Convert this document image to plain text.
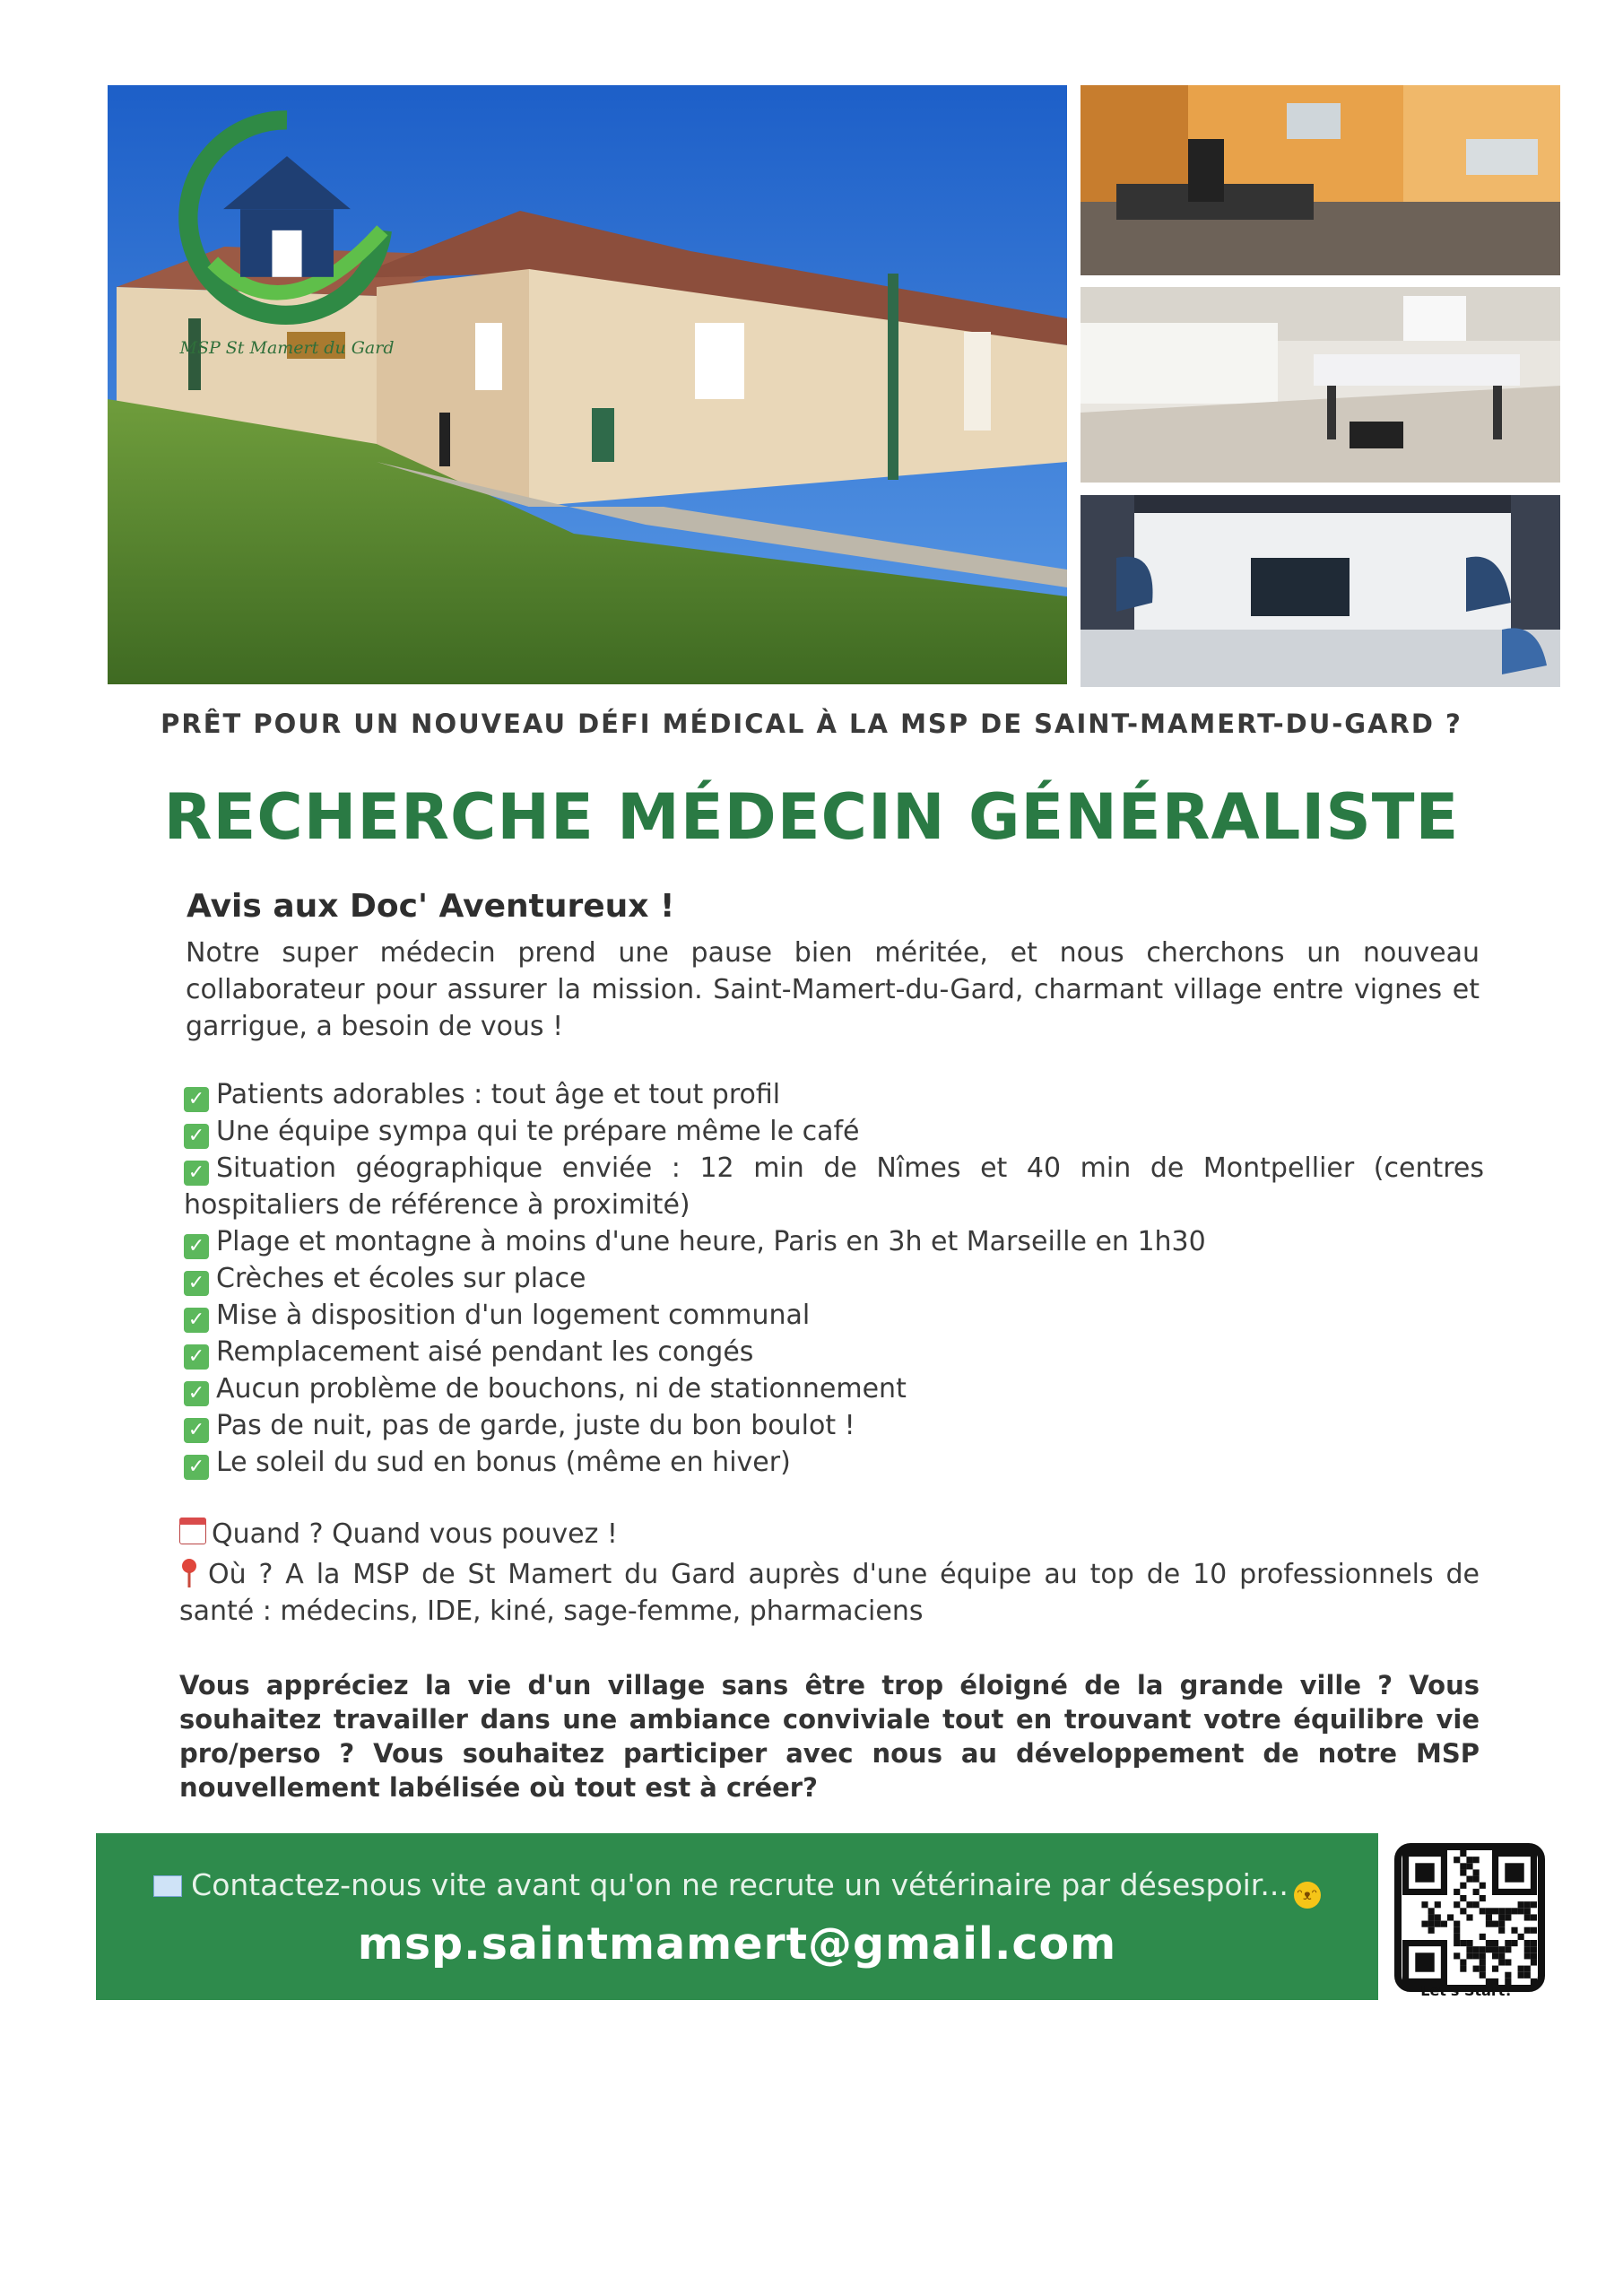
MSP St Mamert du Gard
PRÊT POUR UN NOUVEAU DÉFI MÉDICAL À LA MSP DE SAINT-MAMERT-DU-GARD ?
RECHERCHE MÉDECIN GÉNÉRALISTE
Avis aux Doc' Aventureux !
Notre super médecin prend une pause bien méritée, et nous cherchons un nouveau collaborateur pour assurer la mission. Saint-Mamert-du-Gard, charmant village entre vignes et garrigue, a besoin de vous !
✓ Patients adorables : tout âge et tout profil
✓ Une équipe sympa qui te prépare même le café
✓ Situation géographique enviée : 12 min de Nîmes et 40 min de Montpellier (centres hospitaliers de référence à proximité)
✓ Plage et montagne à moins d'une heure, Paris en 3h et Marseille en 1h30
✓ Crèches et écoles sur place
✓ Mise à disposition d'un logement communal
✓ Remplacement aisé pendant les congés
✓ Aucun problème de bouchons, ni de stationnement
✓ Pas de nuit, pas de garde, juste du bon boulot !
✓ Le soleil du sud en bonus (même en hiver)
Quand ? Quand vous pouvez !
Où ? A la MSP de St Mamert du Gard auprès d'une équipe au top de 10 professionnels de santé : médecins, IDE, kiné, sage-femme, pharmaciens
Vous appréciez la vie d'un village sans être trop éloigné de la grande ville ? Vous souhaitez travailler dans une ambiance conviviale tout en trouvant votre équilibre vie pro/perso ? Vous souhaitez participer avec nous au développement de notre MSP nouvellement labélisée où tout est à créer?
Contactez-nous vite avant qu'on ne recrute un vétérinaire par désespoir... ᵔᴥᵔ
msp.saintmamert@gmail.com
Let's Start!
